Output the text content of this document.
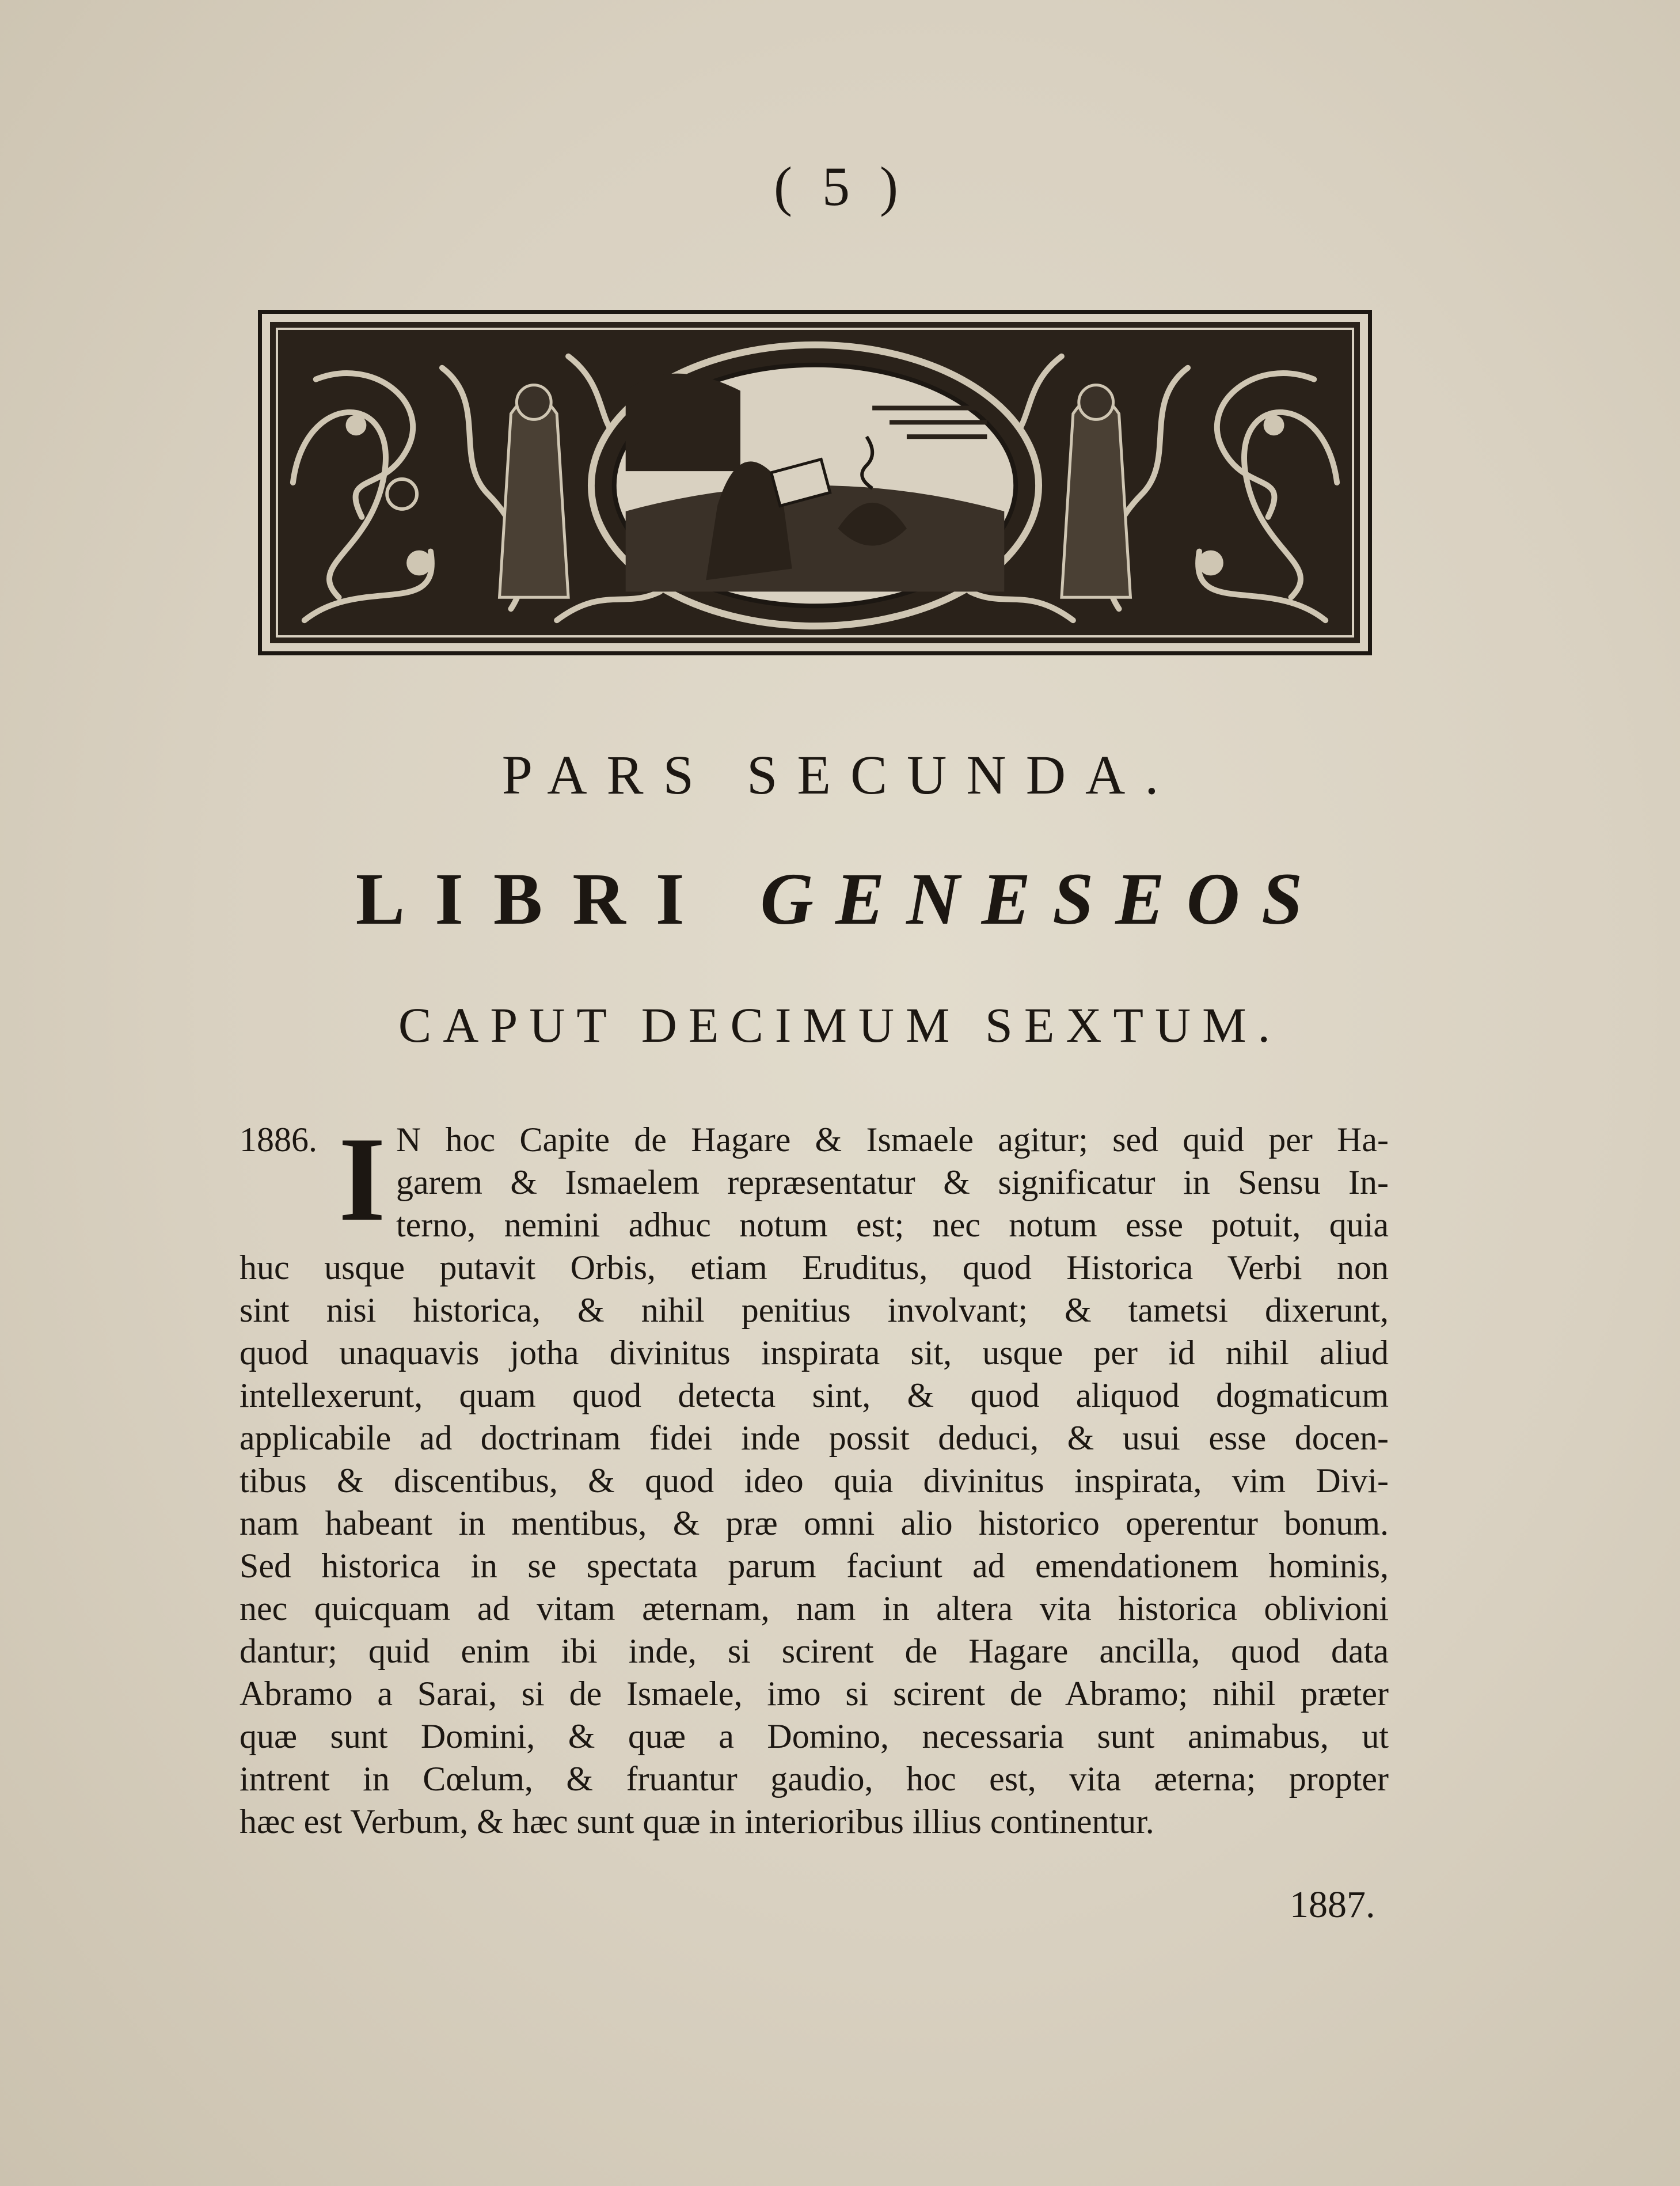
( 5 )
PARS SECUNDA.
LIBRI GENESEOS
CAPUT DECIMUM SEXTUM.
1886. I N hoc Capite de Hagare & Ismaele agitur; sed quid per Ha-
garem & Ismaelem repræsentatur & significatur in Sensu In-
terno, nemini adhuc notum est; nec notum esse potuit, quia
huc usque putavit Orbis, etiam Eruditus, quod Historica Verbi non
sint nisi historica, & nihil penitius involvant; & tametsi dixerunt,
quod unaquavis jotha divinitus inspirata sit, usque per id nihil aliud
intellexerunt, quam quod detecta sint, & quod aliquod dogmaticum
applicabile ad doctrinam fidei inde possit deduci, & usui esse docen-
tibus & discentibus, & quod ideo quia divinitus inspirata, vim Divi-
nam habeant in mentibus, & præ omni alio historico operentur bonum.
Sed historica in se spectata parum faciunt ad emendationem hominis,
nec quicquam ad vitam æternam, nam in altera vita historica oblivioni
dantur; quid enim ibi inde, si scirent de Hagare ancilla, quod data
Abramo a Sarai, si de Ismaele, imo si scirent de Abramo; nihil præter
quæ sunt Domini, & quæ a Domino, necessaria sunt animabus, ut
intrent in Cœlum, & fruantur gaudio, hoc est, vita æterna; propter
hæc est Verbum, & hæc sunt quæ in interioribus illius continentur.
1887.
